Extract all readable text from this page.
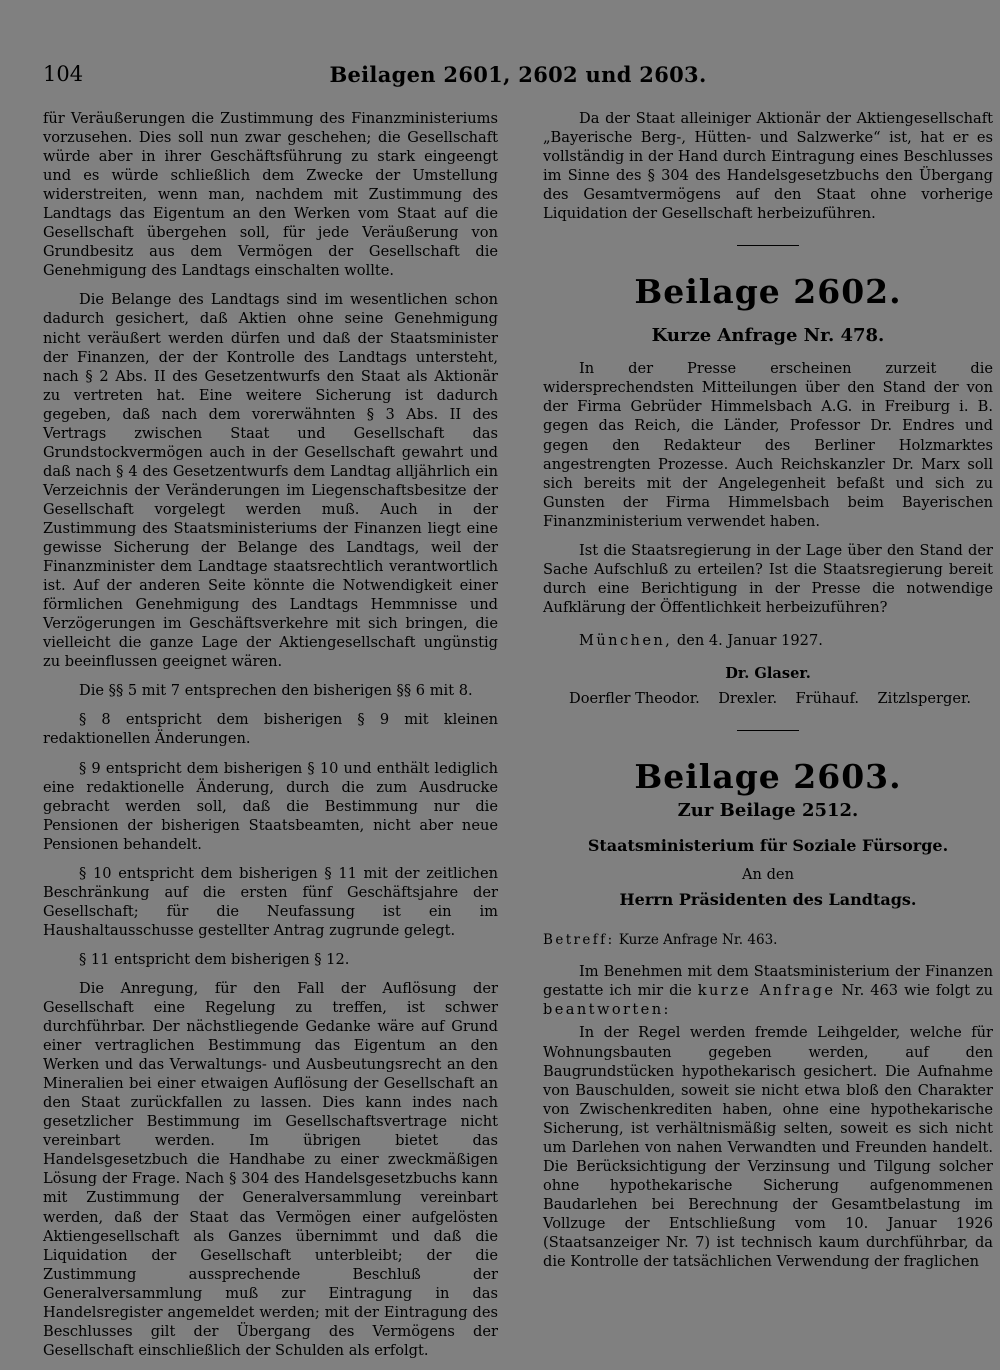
104	Beilagen 2601, 2602 und 2603.

für Veräußerungen die Zustimmung des Finanzministeriums vorzusehen. Dies soll nun zwar geschehen; die Gesellschaft würde aber in ihrer Geschäftsführung zu stark eingeengt und es würde schließlich dem Zwecke der Umstellung widerstreiten, wenn man, nachdem mit Zustimmung des Landtags das Eigentum an den Werken vom Staat auf die Gesellschaft übergehen soll, für jede Veräußerung von Grundbesitz aus dem Vermögen der Gesellschaft die Genehmigung des Landtags einschalten wollte.

Die Belange des Landtags sind im wesentlichen schon dadurch gesichert, daß Aktien ohne seine Genehmigung nicht veräußert werden dürfen und daß der Staatsminister der Finanzen, der der Kontrolle des Landtags untersteht, nach § 2 Abs. II des Gesetzentwurfs den Staat als Aktionär zu vertreten hat. Eine weitere Sicherung ist dadurch gegeben, daß nach dem vorerwähnten § 3 Abs. II des Vertrags zwischen Staat und Gesellschaft das Grundstockvermögen auch in der Gesellschaft gewahrt und daß nach § 4 des Gesetzentwurfs dem Landtag alljährlich ein Verzeichnis der Veränderungen im Liegenschaftsbesitze der Gesellschaft vorgelegt werden muß. Auch in der Zustimmung des Staatsministeriums der Finanzen liegt eine gewisse Sicherung der Belange des Landtags, weil der Finanzminister dem Landtage staatsrechtlich verantwortlich ist. Auf der anderen Seite könnte die Notwendigkeit einer förmlichen Genehmigung des Landtags Hemmnisse und Verzögerungen im Geschäftsverkehre mit sich bringen, die vielleicht die ganze Lage der Aktiengesellschaft ungünstig zu beeinflussen geeignet wären.

Die §§ 5 mit 7 entsprechen den bisherigen §§ 6 mit 8.

§ 8 entspricht dem bisherigen § 9 mit kleinen redaktionellen Änderungen.

§ 9 entspricht dem bisherigen § 10 und enthält lediglich eine redaktionelle Änderung, durch die zum Ausdrucke gebracht werden soll, daß die Bestimmung nur die Pensionen der bisherigen Staatsbeamten, nicht aber neue Pensionen behandelt.

§ 10 entspricht dem bisherigen § 11 mit der zeitlichen Beschränkung auf die ersten fünf Geschäftsjahre der Gesellschaft; für die Neufassung ist ein im Haushaltausschusse gestellter Antrag zugrunde gelegt.

§ 11 entspricht dem bisherigen § 12.

Die Anregung, für den Fall der Auflösung der Gesellschaft eine Regelung zu treffen, ist schwer durchführbar. Der nächstliegende Gedanke wäre auf Grund einer vertraglichen Bestimmung das Eigentum an den Werken und das Verwaltungs- und Ausbeutungsrecht an den Mineralien bei einer etwaigen Auflösung der Gesellschaft an den Staat zurückfallen zu lassen. Dies kann indes nach gesetzlicher Bestimmung im Gesellschaftsvertrage nicht vereinbart werden. Im übrigen bietet das Handelsgesetzbuch die Handhabe zu einer zweckmäßigen Lösung der Frage. Nach § 304 des Handelsgesetzbuchs kann mit Zustimmung der Generalversammlung vereinbart werden, daß der Staat das Vermögen einer aufgelösten Aktiengesellschaft als Ganzes übernimmt und daß die Liquidation der Gesellschaft unterbleibt; der die Zustimmung aussprechende Beschluß der Generalversammlung muß zur Eintragung in das Handelsregister angemeldet werden; mit der Eintragung des Beschlusses gilt der Übergang des Vermögens der Gesellschaft einschließlich der Schulden als erfolgt.

Da der Staat alleiniger Aktionär der Aktiengesellschaft „Bayerische Berg-, Hütten- und Salzwerke“ ist, hat er es vollständig in der Hand durch Eintragung eines Beschlusses im Sinne des § 304 des Handelsgesetzbuchs den Übergang des Gesamtvermögens auf den Staat ohne vorherige Liquidation der Gesellschaft herbeizuführen.

Beilage 2602.
Kurze Anfrage Nr. 478.

In der Presse erscheinen zurzeit die widersprechendsten Mitteilungen über den Stand der von der Firma Gebrüder Himmelsbach A.G. in Freiburg i. B. gegen das Reich, die Länder, Professor Dr. Endres und gegen den Redakteur des Berliner Holzmarktes angestrengten Prozesse. Auch Reichskanzler Dr. Marx soll sich bereits mit der Angelegenheit befaßt und sich zu Gunsten der Firma Himmelsbach beim Bayerischen Finanzministerium verwendet haben.

Ist die Staatsregierung in der Lage über den Stand der Sache Aufschluß zu erteilen? Ist die Staatsregierung bereit durch eine Berichtigung in der Presse die notwendige Aufklärung der Öffentlichkeit herbeizuführen?

München, den 4. Januar 1927.

Dr. Glaser.
Doerfler Theodor. Drexler. Frühauf. Zitzlsperger.
Beilage 2603.
Zur Beilage 2512.
Staatsministerium für Soziale Fürsorge.
An den
Herrn Präsidenten des Landtags.

Betreff: Kurze Anfrage Nr. 463.

Im Benehmen mit dem Staatsministerium der Finanzen gestatte ich mir die kurze Anfrage Nr. 463 wie folgt zu beantworten:

In der Regel werden fremde Leihgelder, welche für Wohnungsbauten gegeben werden, auf den Baugrundstücken hypothekarisch gesichert. Die Aufnahme von Bauschulden, soweit sie nicht etwa bloß den Charakter von Zwischenkrediten haben, ohne eine hypothekarische Sicherung, ist verhältnismäßig selten, soweit es sich nicht um Darlehen von nahen Verwandten und Freunden handelt. Die Berücksichtigung der Verzinsung und Tilgung solcher ohne hypothekarische Sicherung aufgenommenen Baudarlehen bei Berechnung der Gesamtbelastung im Vollzuge der Entschließung vom 10. Januar 1926 (Staatsanzeiger Nr. 7) ist technisch kaum durchführbar, da die Kontrolle der tatsächlichen Verwendung der fraglichen
